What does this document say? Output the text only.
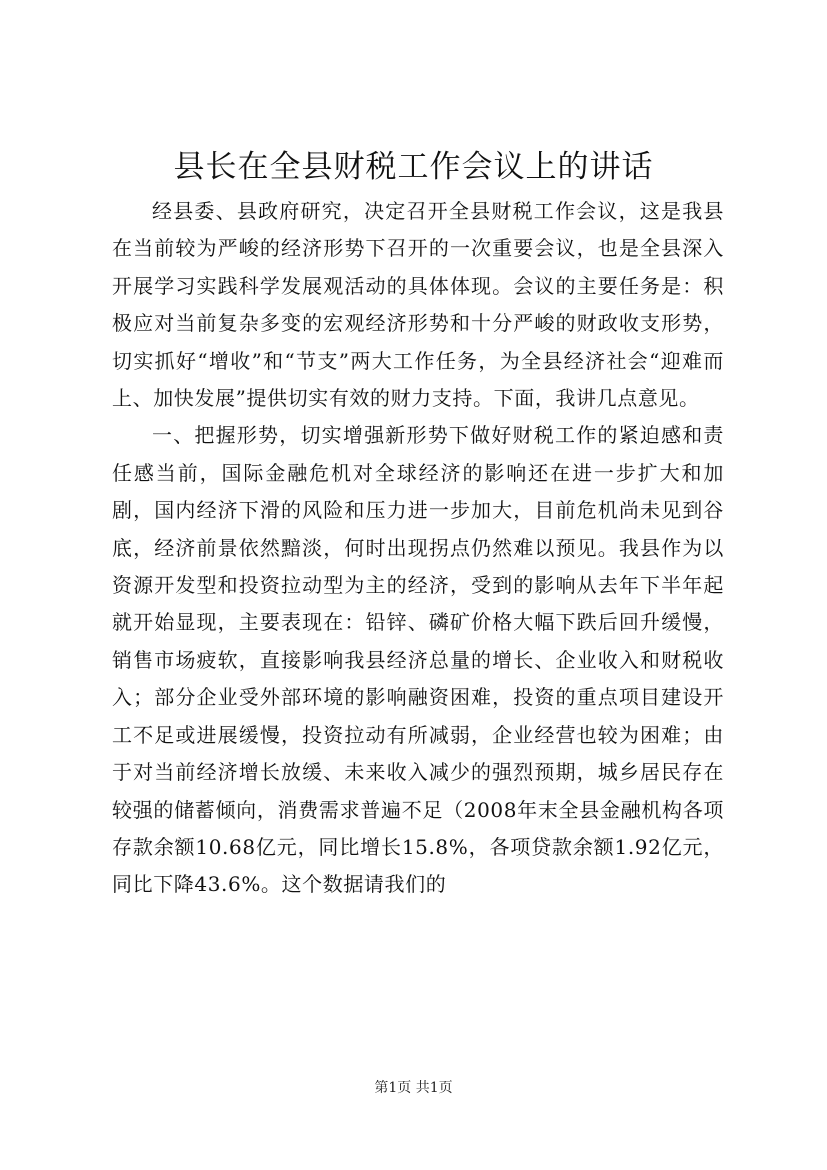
县长在全县财税工作会议上的讲话

经县委、县政府研究，决定召开全县财税工作会议，这是我县在当前较为严峻的经济形势下召开的一次重要会议，也是全县深入开展学习实践科学发展观活动的具体体现。会议的主要任务是：积极应对当前复杂多变的宏观经济形势和十分严峻的财政收支形势，切实抓好“增收”和“节支”两大工作任务，为全县经济社会“迎难而上、加快发展”提供切实有效的财力支持。下面，我讲几点意见。

一、把握形势，切实增强新形势下做好财税工作的紧迫感和责任感当前，国际金融危机对全球经济的影响还在进一步扩大和加剧，国内经济下滑的风险和压力进一步加大，目前危机尚未见到谷底，经济前景依然黯淡，何时出现拐点仍然难以预见。我县作为以资源开发型和投资拉动型为主的经济，受到的影响从去年下半年起就开始显现，主要表现在：铅锌、磷矿价格大幅下跌后回升缓慢，销售市场疲软，直接影响我县经济总量的增长、企业收入和财税收入；部分企业受外部环境的影响融资困难，投资的重点项目建设开工不足或进展缓慢，投资拉动有所减弱，企业经营也较为困难；由于对当前经济增长放缓、未来收入减少的强烈预期，城乡居民存在较强的储蓄倾向，消费需求普遍不足（2008年末全县金融机构各项存款余额10.68亿元，同比增长15.8%，各项贷款余额1.92亿元，同比下降43.6%。这个数据请我们的

第1页 共1页
